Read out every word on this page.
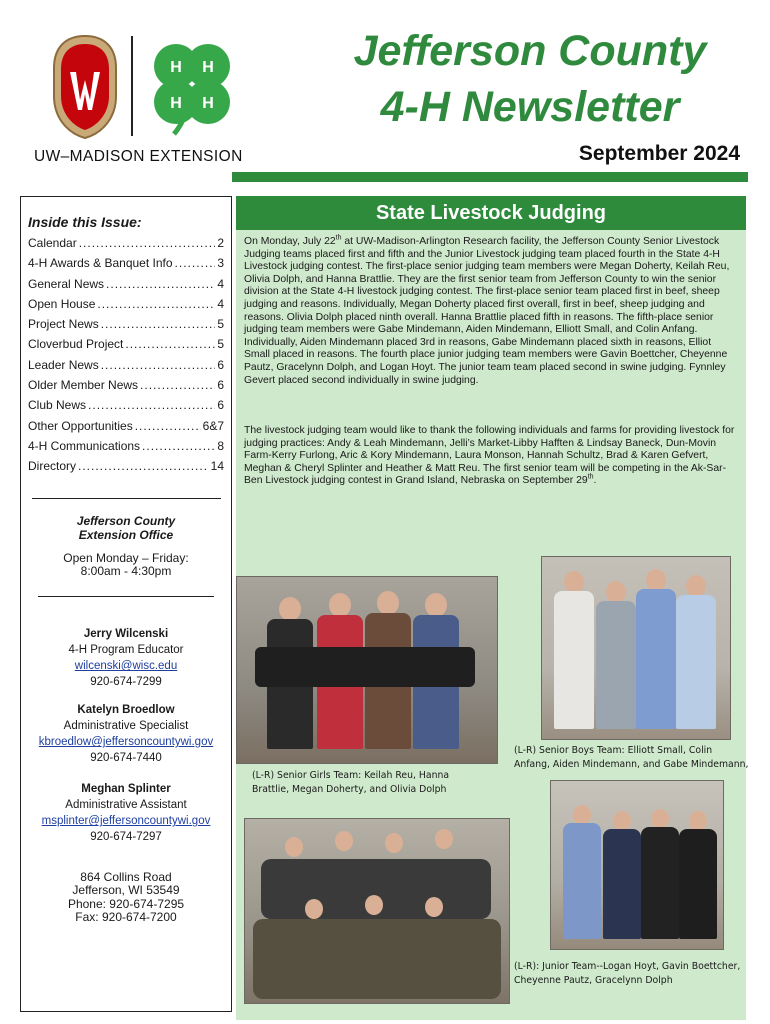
H H
H H
UW–MADISON EXTENSION
Jefferson County
4-H Newsletter
September 2024
Inside this Issue:
Calendar .....	2
4-H Awards & Banquet Info .....	3
General News .....	4
Open House .....	4
Project News .....	5
Cloverbud Project .....	5
Leader News .....	6
Older Member News .....	6
Club News .....	6
Other Opportunities .....	6&7
4-H Communications .....	8
Directory .....	14
Jefferson County
Extension Office
Open Monday – Friday:
8:00am - 4:30pm
Jerry Wilcenski
4-H Program Educator
wilcenski@wisc.edu
920-674-7299
Katelyn Broedlow
Administrative Specialist
kbroedlow@jeffersoncountywi.gov
920-674-7440
Meghan Splinter
Administrative Assistant
msplinter@jeffersoncountywi.gov
920-674-7297
864 Collins Road
Jefferson, WI 53549
Phone: 920-674-7295
Fax: 920-674-7200
State Livestock Judging

On Monday, July 22th at UW-Madison-Arlington Research facility, the Jefferson County Senior Livestock Judging teams placed first and fifth and the Junior Livestock judging team placed fourth in the State 4-H Livestock judging contest. The first-place senior judging team members were Megan Doherty, Keilah Reu, Olivia Dolph, and Hanna Brattlie. They are the first senior team from Jefferson County to win the senior division at the State 4-H livestock judging contest. The first-place senior team placed first in beef, sheep judging and reasons. Individually, Megan Doherty placed first overall, first in beef, sheep judging and reasons. Olivia Dolph placed ninth overall. Hanna Brattlie placed fifth in reasons. The fifth-place senior judging team members were Gabe Mindemann, Aiden Mindemann, Elliott Small, and Colin Anfang. Individually, Aiden Mindemann placed 3rd in reasons, Gabe Mindemann placed sixth in reasons, Elliot Small placed in reasons. The fourth place junior judging team members were Gavin Boettcher, Cheyenne Pautz, Gracelynn Dolph, and Logan Hoyt. The junior team team placed second in swine judging. Fynnley Gevert placed second individually in swine judging.

The livestock judging team would like to thank the following individuals and farms for providing livestock for judging practices: Andy & Leah Mindemann, Jelli’s Market-Libby Hafften & Lindsay Baneck, Dun-Movin Farm-Kerry Furlong, Aric & Kory Mindemann, Laura Monson, Hannah Schultz, Brad & Karen Gefvert, Meghan & Cheryl Splinter and Heather & Matt Reu. The first senior team will be competing in the Ak-Sar-Ben Livestock judging contest in Grand Island, Nebraska on September 29th.

(L-R) Senior Girls Team: Keilah Reu, Hanna Brattlie, Megan Doherty, and Olivia Dolph
(L-R) Senior Boys Team: Elliott Small, Colin Anfang, Aiden Mindemann, and Gabe Mindemann,
(L-R): Junior Team--Logan Hoyt, Gavin Boettcher, Cheyenne Pautz, Gracelynn Dolph
